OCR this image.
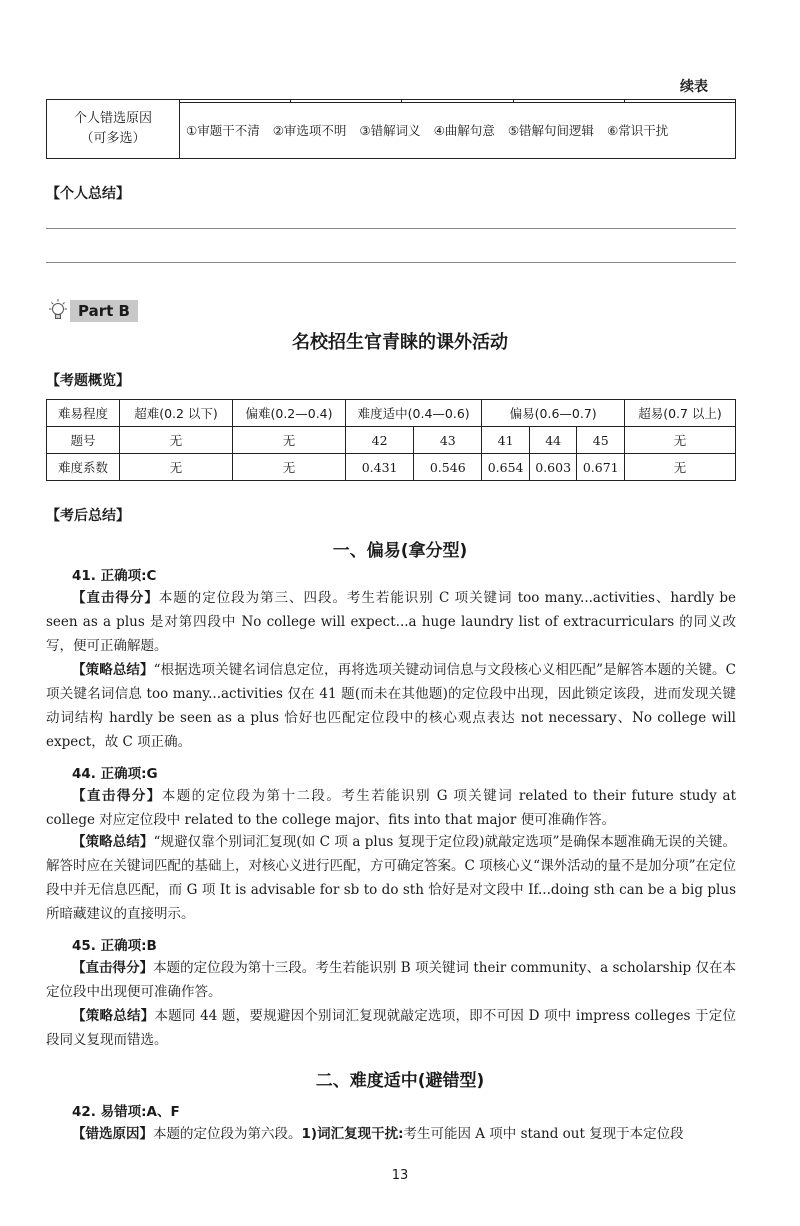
续表
个人错选原因
（可多选）

①审题干不清 ②审选项不明 ③错解词义 ④曲解句意 ⑤错解句间逻辑 ⑥常识干扰
【个人总结】
Part B
名校招生官青睐的课外活动
【考题概览】
难易程度	超难(0.2 以下)	偏难(0.2—0.4)	难度适中(0.4—0.6)		偏易(0.6—0.7)			超易(0.7 以上)
题号	无	无	42	43	41	44	45	无
难度系数	无	无	0.431	0.546	0.654	0.603	0.671	无
【考后总结】
一、偏易(拿分型)
41. 正确项:C
【直击得分】本题的定位段为第三、四段。考生若能识别 C 项关键词 too many...activities、hardly be seen as a plus 是对第四段中 No college will expect...a huge laundry list of extracurriculars 的同义改写，便可正确解题。
【策略总结】“根据选项关键名词信息定位，再将选项关键动词信息与文段核心义相匹配”是解答本题的关键。C 项关键名词信息 too many...activities 仅在 41 题(而未在其他题)的定位段中出现，因此锁定该段，进而发现关键动词结构 hardly be seen as a plus 恰好也匹配定位段中的核心观点表达 not necessary、No college will expect，故 C 项正确。
44. 正确项:G
【直击得分】本题的定位段为第十二段。考生若能识别 G 项关键词 related to their future study at college 对应定位段中 related to the college major、fits into that major 便可准确作答。
【策略总结】“规避仅靠个别词汇复现(如 C 项 a plus 复现于定位段)就敲定选项”是确保本题准确无误的关键。解答时应在关键词匹配的基础上，对核心义进行匹配，方可确定答案。C 项核心义“课外活动的量不是加分项”在定位段中并无信息匹配，而 G 项 It is advisable for sb to do sth 恰好是对文段中 If...doing sth can be a big plus 所暗藏建议的直接明示。
45. 正确项:B
【直击得分】本题的定位段为第十三段。考生若能识别 B 项关键词 their community、a scholarship 仅在本定位段中出现便可准确作答。
【策略总结】本题同 44 题，要规避因个别词汇复现就敲定选项，即不可因 D 项中 impress colleges 于定位段同义复现而错选。
二、难度适中(避错型)
42. 易错项:A、F
【错选原因】本题的定位段为第六段。1)词汇复现干扰:考生可能因 A 项中 stand out 复现于本定位段
13
